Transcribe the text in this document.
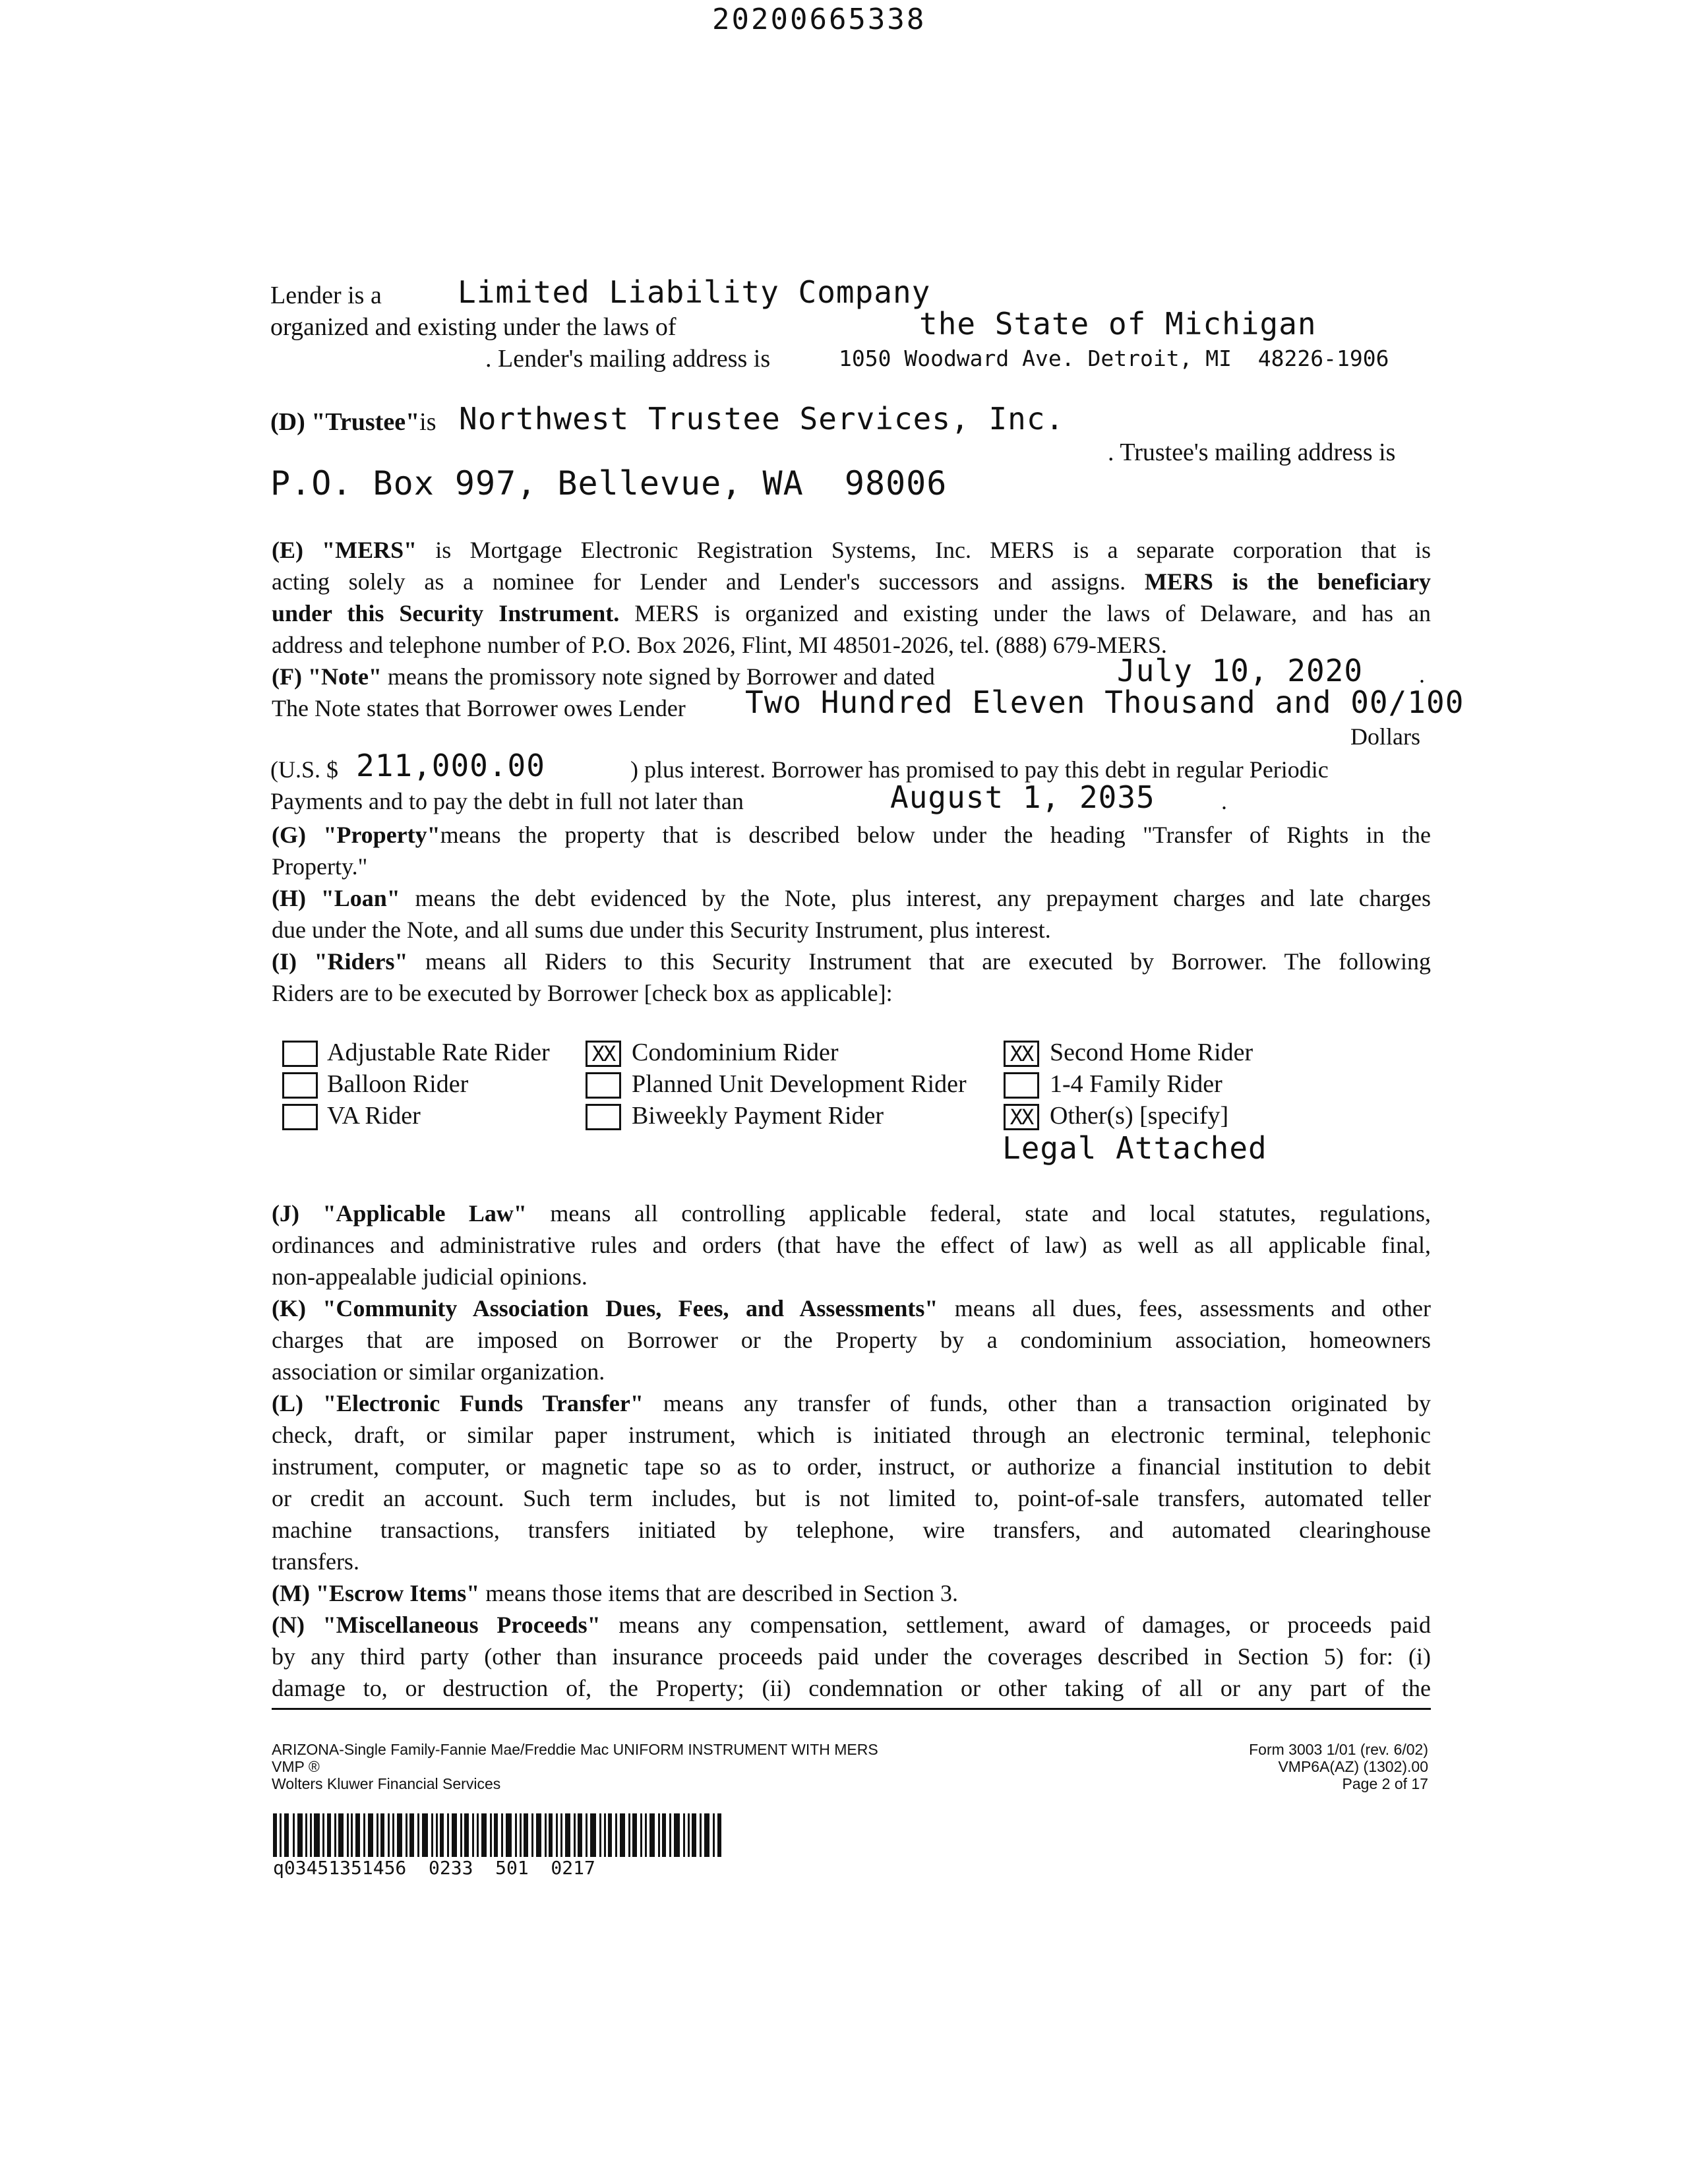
20200665338
Lender is a	Limited Liability Company
organized and existing under the laws of	the State of Michigan
. Lender's mailing address is	1050 Woodward Ave. Detroit, MI  48226-1906
(D) "Trustee"is Northwest Trustee Services, Inc.
. Trustee's mailing address is
P.O. Box 997, Bellevue, WA  98006
(E) "MERS" is Mortgage Electronic Registration Systems, Inc. MERS is a separate corporation that is
acting solely as a nominee for Lender and Lender's successors and assigns. MERS is the beneficiary
under this Security Instrument. MERS is organized and existing under the laws of Delaware, and has an
address and telephone number of P.O. Box 2026, Flint, MI 48501-2026, tel. (888) 679-MERS.
(F) "Note" means the promissory note signed by Borrower and dated	July 10, 2020 .
The Note states that Borrower owes Lender Two Hundred Eleven Thousand and 00/100
Dollars
(U.S. $ 211,000.00	) plus interest. Borrower has promised to pay this debt in regular Periodic
Payments and to pay the debt in full not later than	August 1, 2035	.
(G) "Property"means the property that is described below under the heading "Transfer of Rights in the
Property."
(H) "Loan" means the debt evidenced by the Note, plus interest, any prepayment charges and late charges
due under the Note, and all sums due under this Security Instrument, plus interest.
(I) "Riders" means all Riders to this Security Instrument that are executed by Borrower. The following
Riders are to be executed by Borrower [check box as applicable]:
Adjustable Rate Rider
Balloon Rider
VA Rider
XX Condominium Rider
Planned Unit Development Rider
Biweekly Payment Rider
XX Second Home Rider
1-4 Family Rider
XX Other(s) [specify]
Legal Attached
(J) "Applicable Law" means all controlling applicable federal, state and local statutes, regulations,
ordinances and administrative rules and orders (that have the effect of law) as well as all applicable final,
non-appealable judicial opinions.
(K) "Community Association Dues, Fees, and Assessments" means all dues, fees, assessments and other
charges that are imposed on Borrower or the Property by a condominium association, homeowners
association or similar organization.
(L) "Electronic Funds Transfer" means any transfer of funds, other than a transaction originated by
check, draft, or similar paper instrument, which is initiated through an electronic terminal, telephonic
instrument, computer, or magnetic tape so as to order, instruct, or authorize a financial institution to debit
or credit an account. Such term includes, but is not limited to, point-of-sale transfers, automated teller
machine transactions, transfers initiated by telephone, wire transfers, and automated clearinghouse
transfers.
(M) "Escrow Items" means those items that are described in Section 3.
(N) "Miscellaneous Proceeds" means any compensation, settlement, award of damages, or proceeds paid
by any third party (other than insurance proceeds paid under the coverages described in Section 5) for: (i)
damage to, or destruction of, the Property; (ii) condemnation or other taking of all or any part of the
ARIZONA-Single Family-Fannie Mae/Freddie Mac UNIFORM INSTRUMENT WITH MERS
VMP ®
Wolters Kluwer Financial Services
Form 3003 1/01 (rev. 6/02)
VMP6A(AZ) (1302).00
Page 2 of 17
q03451351456  0233  501  0217
